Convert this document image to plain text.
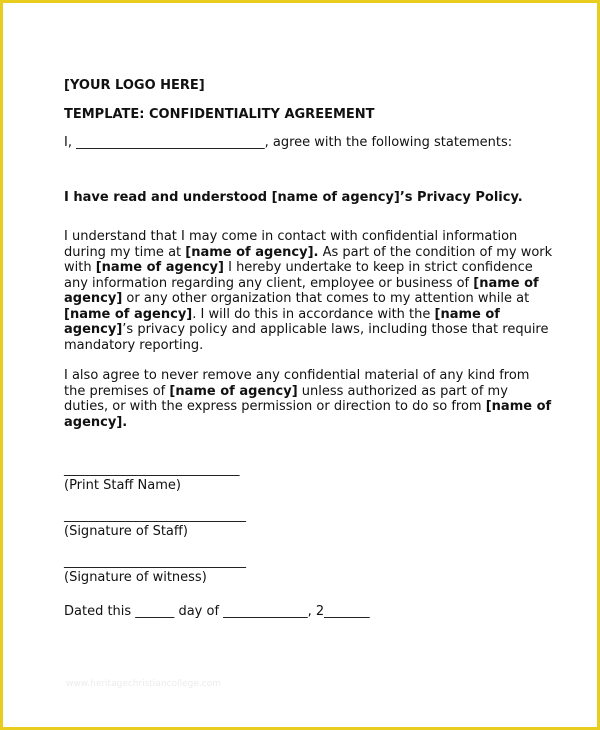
[YOUR LOGO HERE]

TEMPLATE: CONFIDENTIALITY AGREEMENT

I, _____________________________, agree with the following statements:

I have read and understood [name of agency]’s Privacy Policy.

I understand that I may come in contact with confidential information during my time at [name of agency]. As part of the condition of my work with [name of agency] I hereby undertake to keep in strict confidence any information regarding any client, employee or business of [name of agency] or any other organization that comes to my attention while at [name of agency]. I will do this in accordance with the [name of agency]’s privacy policy and applicable laws, including those that require mandatory reporting.

I also agree to never remove any confidential material of any kind from the premises of [name of agency] unless authorized as part of my duties, or with the express permission or direction to do so from [name of agency].

___________________________

(Print Staff Name)

____________________________

(Signature of Staff)

____________________________

(Signature of witness)

Dated this ______ day of _____________, 2_______

www.heritagechristiancollege.com
